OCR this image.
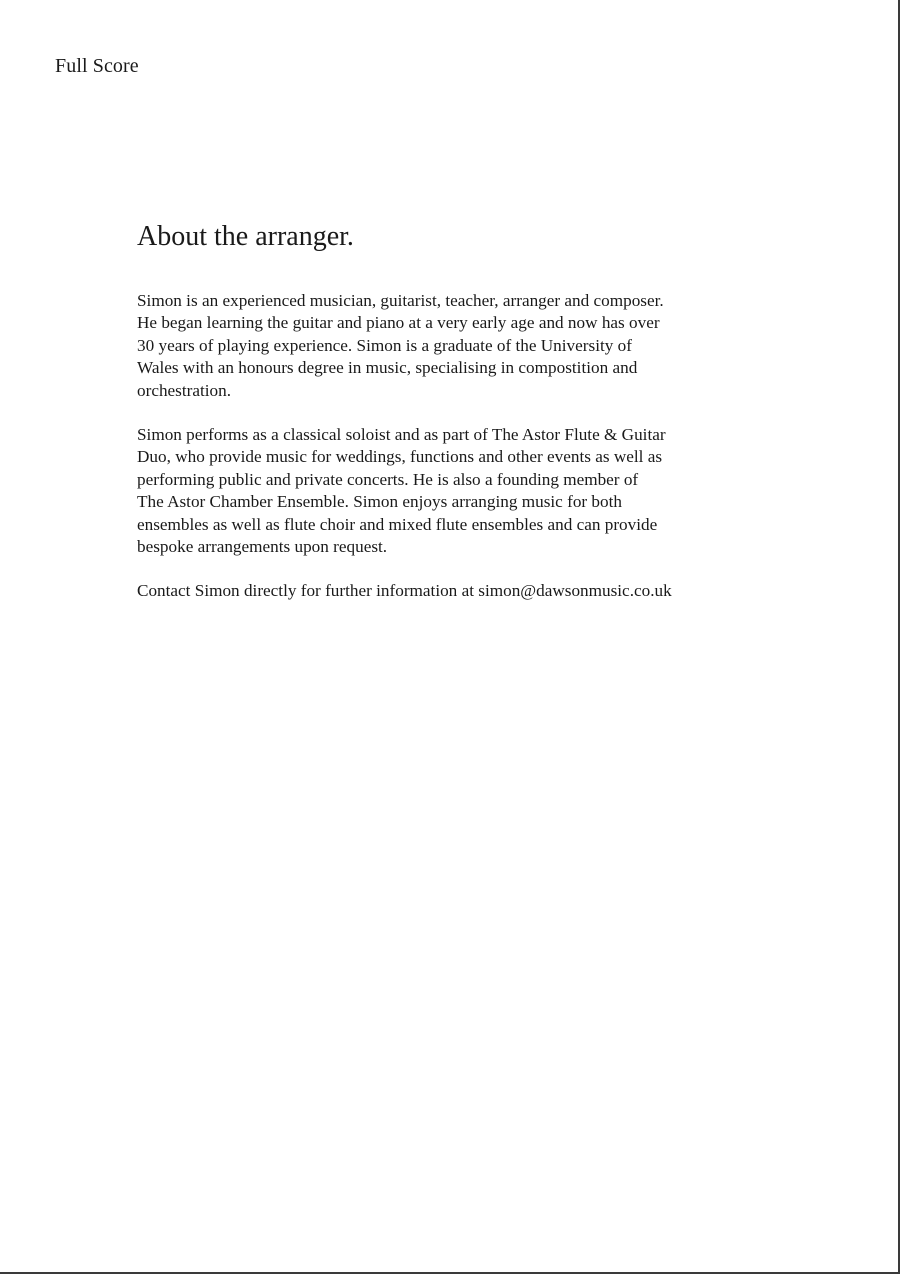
Full Score
About the arranger.

Simon is an experienced musician, guitarist, teacher, arranger and composer.
He began learning the guitar and piano at a very early age and now has over
30 years of playing experience. Simon is a graduate of the University of
Wales with an honours degree in music, specialising in compostition and
orchestration.

Simon performs as a classical soloist and as part of The Astor Flute & Guitar
Duo, who provide music for weddings, functions and other events as well as
performing public and private concerts. He is also a founding member of
The Astor Chamber Ensemble. Simon enjoys arranging music for both
ensembles as well as flute choir and mixed flute ensembles and can provide
bespoke arrangements upon request.

Contact Simon directly for further information at simon@dawsonmusic.co.uk
